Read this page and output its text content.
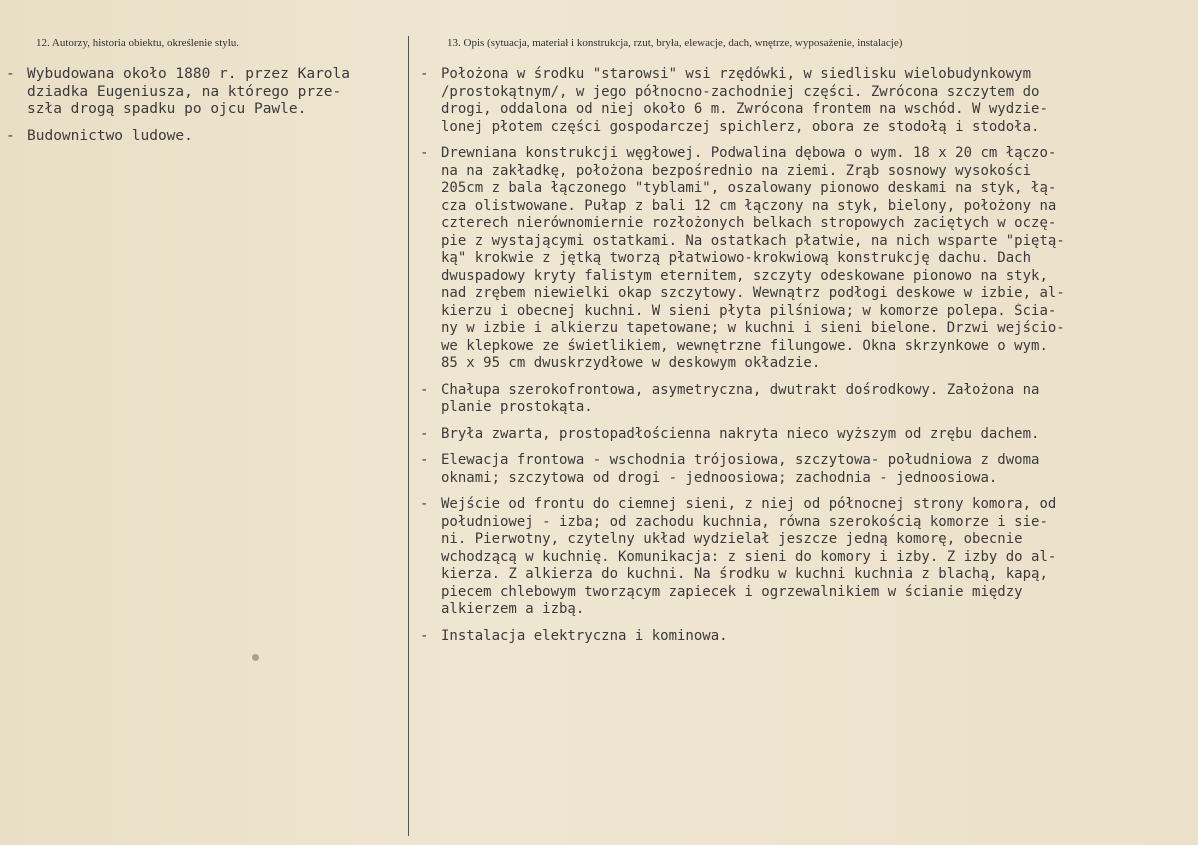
12. Autorzy, historia obiektu, określenie stylu.	13. Opis (sytuacja, materiał i konstrukcja, rzut, bryła, elewacje, dach, wnętrze, wyposażenie, instalacje)
- Wybudowana około 1880 r. przez Karola
dziadka Eugeniusza, na którego prze-
szła drogą spadku po ojcu Pawle.
- Budownictwo ludowe.
- Położona w środku "starowsi" wsi rzędówki, w siedlisku wielobudynkowym
/prostokątnym/, w jego północno-zachodniej części. Zwrócona szczytem do
drogi, oddalona od niej około 6 m. Zwrócona frontem na wschód. W wydzie-
lonej płotem części gospodarczej spichlerz, obora ze stodołą i stodoła.
- Drewniana konstrukcji węgłowej. Podwalina dębowa o wym. 18 x 20 cm łączo-
na na zakładkę, położona bezpośrednio na ziemi. Zrąb sosnowy wysokości
205cm z bala łączonego "tyblami", oszalowany pionowo deskami na styk, łą-
cza olistwowane. Pułap z bali 12 cm łączony na styk, bielony, położony na
czterech nierównomiernie rozłożonych belkach stropowych zaciętych w oczę-
pie z wystającymi ostatkami. Na ostatkach płatwie, na nich wsparte "piętą-
ką" krokwie z jętką tworzą płatwiowo-krokwiową konstrukcję dachu. Dach
dwuspadowy kryty falistym eternitem, szczyty odeskowane pionowo na styk,
nad zrębem niewielki okap szczytowy. Wewnątrz podłogi deskowe w izbie, al-
kierzu i obecnej kuchni. W sieni płyta pilśniowa; w komorze polepa. Ścia-
ny w izbie i alkierzu tapetowane; w kuchni i sieni bielone. Drzwi wejścio-
we klepkowe ze świetlikiem, wewnętrzne filungowe. Okna skrzynkowe o wym.
85 x 95 cm dwuskrzydłowe w deskowym okładzie.
- Chałupa szerokofrontowa, asymetryczna, dwutrakt dośrodkowy. Założona na
planie prostokąta.
- Bryła zwarta, prostopadłościenna nakryta nieco wyższym od zrębu dachem.
- Elewacja frontowa - wschodnia trójosiowa, szczytowa- południowa z dwoma
oknami; szczytowa od drogi - jednoosiowa; zachodnia - jednoosiowa.
- Wejście od frontu do ciemnej sieni, z niej od północnej strony komora, od
południowej - izba; od zachodu kuchnia, równa szerokością komorze i sie-
ni. Pierwotny, czytelny układ wydzielał jeszcze jedną komorę, obecnie
wchodzącą w kuchnię. Komunikacja: z sieni do komory i izby. Z izby do al-
kierza. Z alkierza do kuchni. Na środku w kuchni kuchnia z blachą, kapą,
piecem chlebowym tworzącym zapiecek i ogrzewalnikiem w ścianie między
alkierzem a izbą.
- Instalacja elektryczna i kominowa.
